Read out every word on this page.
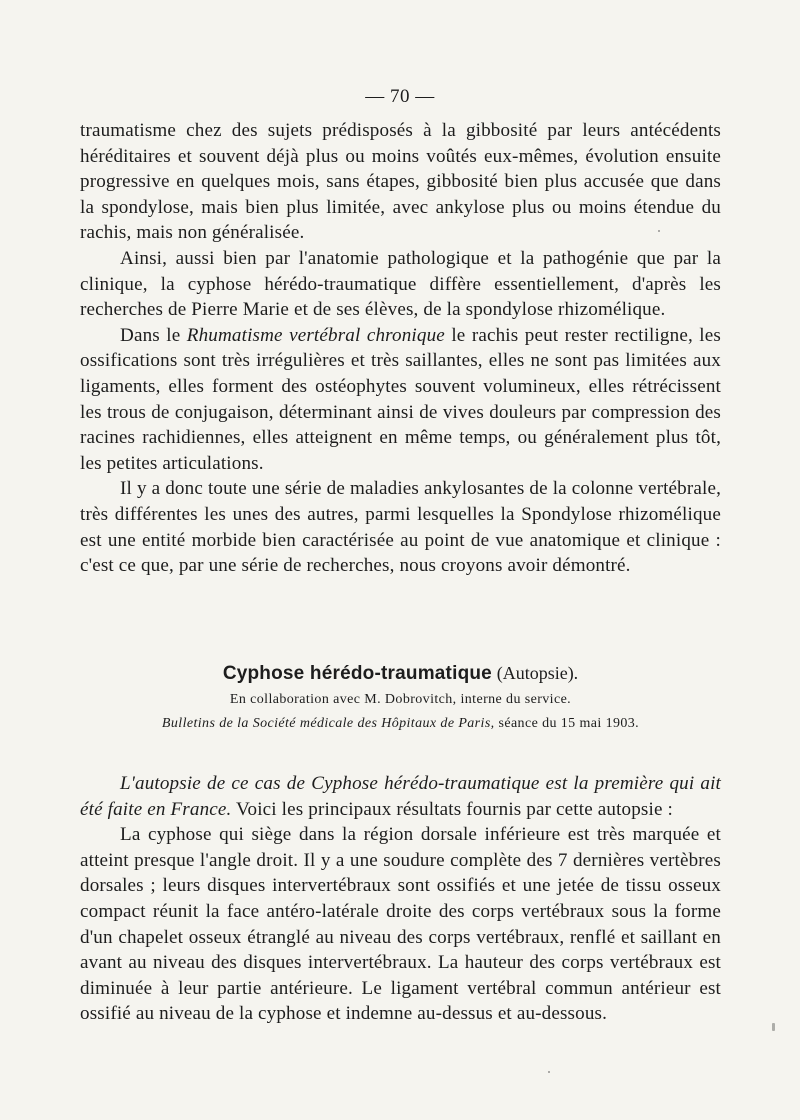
— 70 —

traumatisme chez des sujets prédisposés à la gibbosité par leurs antécédents héréditaires et souvent déjà plus ou moins voûtés eux-mêmes, évolution ensuite progressive en quelques mois, sans étapes, gibbosité bien plus accusée que dans la spondylose, mais bien plus limitée, avec ankylose plus ou moins étendue du rachis, mais non généralisée.

Ainsi, aussi bien par l'anatomie pathologique et la pathogénie que par la clinique, la cyphose hérédo-traumatique diffère essentiellement, d'après les recherches de Pierre Marie et de ses élèves, de la spondylose rhizomélique.

Dans le Rhumatisme vertébral chronique le rachis peut rester rectiligne, les ossifications sont très irrégulières et très saillantes, elles ne sont pas limitées aux ligaments, elles forment des ostéophytes souvent volumineux, elles rétrécissent les trous de conjugaison, déterminant ainsi de vives douleurs par compression des racines rachidiennes, elles atteignent en même temps, ou généralement plus tôt, les petites articulations.

Il y a donc toute une série de maladies ankylosantes de la colonne vertébrale, très différentes les unes des autres, parmi lesquelles la Spondylose rhizomélique est une entité morbide bien caractérisée au point de vue anatomique et clinique : c'est ce que, par une série de recherches, nous croyons avoir démontré.

Cyphose hérédo-traumatique (Autopsie).

En collaboration avec M. Dobrovitch, interne du service.

Bulletins de la Société médicale des Hôpitaux de Paris, séance du 15 mai 1903.

L'autopsie de ce cas de Cyphose hérédo-traumatique est la première qui ait été faite en France. Voici les principaux résultats fournis par cette autopsie :

La cyphose qui siège dans la région dorsale inférieure est très marquée et atteint presque l'angle droit. Il y a une soudure complète des 7 dernières vertèbres dorsales ; leurs disques intervertébraux sont ossifiés et une jetée de tissu osseux compact réunit la face antéro-latérale droite des corps vertébraux sous la forme d'un chapelet osseux étranglé au niveau des corps vertébraux, renflé et saillant en avant au niveau des disques intervertébraux. La hauteur des corps vertébraux est diminuée à leur partie antérieure. Le ligament vertébral commun antérieur est ossifié au niveau de la cyphose et indemne au-dessus et au-dessous.
